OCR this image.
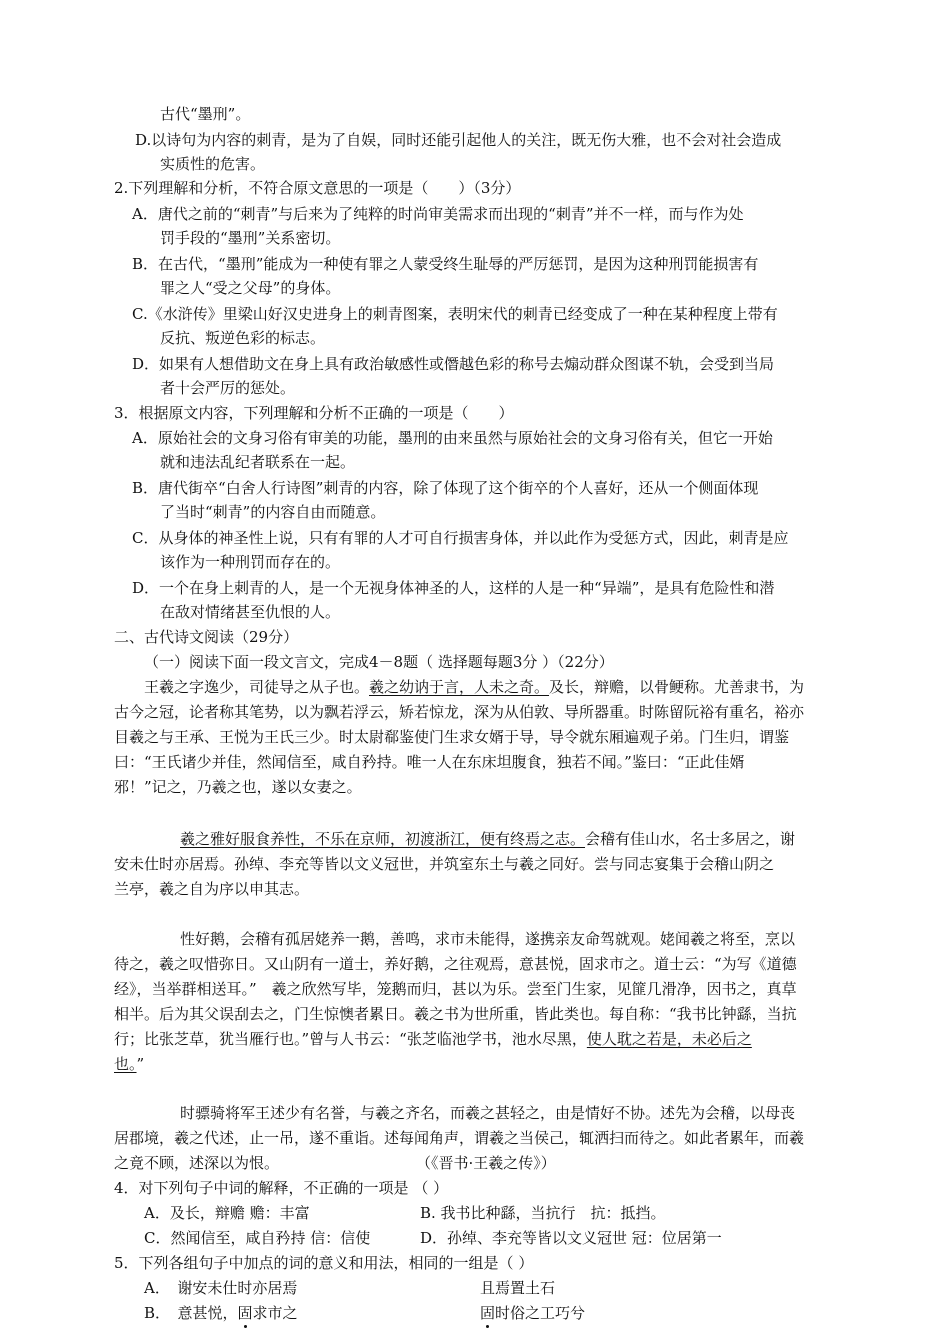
古代“墨刑”。
D.以诗句为内容的刺青，是为了自娱，同时还能引起他人的关注，既无伤大雅，也不会对社会造成
实质性的危害。
2.下列理解和分析，不符合原文意思的一项是（　　）（3分）
A．唐代之前的“刺青”与后来为了纯粹的时尚审美需求而出现的“刺青”并不一样，而与作为处
罚手段的“墨刑”关系密切。
B．在古代，“墨刑”能成为一种使有罪之人蒙受终生耻辱的严厉惩罚，是因为这种刑罚能损害有
罪之人“受之父母”的身体。
C.《水浒传》里梁山好汉史进身上的刺青图案，表明宋代的刺青已经变成了一种在某种程度上带有
反抗、叛逆色彩的标志。
D．如果有人想借助文在身上具有政治敏感性或僭越色彩的称号去煽动群众图谋不轨，会受到当局
者十会严厉的惩处。
3．根据原文内容，下列理解和分析不正确的一项是（　　）
A．原始社会的文身习俗有审美的功能，墨刑的由来虽然与原始社会的文身习俗有关，但它一开始
就和违法乱纪者联系在一起。
B．唐代街卒“白舍人行诗图”刺青的内容，除了体现了这个街卒的个人喜好，还从一个侧面体现
了当时“刺青”的内容自由而随意。
C．从身体的神圣性上说，只有有罪的人才可自行损害身体，并以此作为受惩方式，因此，刺青是应
该作为一种刑罚而存在的。
D．一个在身上刺青的人，是一个无视身体神圣的人，这样的人是一种“异端”，是具有危险性和潜
在敌对情绪甚至仇恨的人。
二、古代诗文阅读（29分）
（一）阅读下面一段文言文，完成4－8题（ 选择题每题3分 ）（22分）
王羲之字逸少，司徒导之从子也。羲之幼讷于言，人未之奇。及长，辩赡，以骨鲠称。尤善隶书，为
古今之冠，论者称其笔势，以为飘若浮云，矫若惊龙，深为从伯敦、导所器重。时陈留阮裕有重名，裕亦
目羲之与王承、王悦为王氏三少。时太尉郗鉴使门生求女婿于导，导令就东厢遍观子弟。门生归，谓鉴
曰：“王氏诸少并佳，然闻信至，咸自矜持。唯一人在东床坦腹食，独若不闻。”鉴曰：“正此佳婿
邪！”记之，乃羲之也，遂以女妻之。
羲之雅好服食养性，不乐在京师，初渡浙江，便有终焉之志。会稽有佳山水，名士多居之，谢
安未仕时亦居焉。孙绰、李充等皆以文义冠世，并筑室东土与羲之同好。尝与同志宴集于会稽山阴之
兰亭，羲之自为序以申其志。
性好鹅，会稽有孤居姥养一鹅，善鸣，求市未能得，遂携亲友命驾就观。姥闻羲之将至，烹以
待之，羲之叹惜弥日。又山阴有一道士，养好鹅，之往观焉，意甚悦，固求市之。道士云：“为写《道德
经》，当举群相送耳。”　羲之欣然写毕，笼鹅而归，甚以为乐。尝至门生家，见篚几滑净，因书之，真草
相半。后为其父误刮去之，门生惊懊者累日。羲之书为世所重，皆此类也。每自称：“我书比钟繇，当抗
行；比张芝草，犹当雁行也。”曾与人书云：“张芝临池学书，池水尽黑，使人耽之若是，未必后之
也。”
时骠骑将军王述少有名誉，与羲之齐名，而羲之甚轻之，由是情好不协。述先为会稽，以母丧
居郡境，羲之代述，止一吊，遂不重诣。述每闻角声，谓羲之当侯己，辄洒扫而待之。如此者累年，而羲
之竟不顾，述深以为恨。	（《晋书·王羲之传》）
4．对下列句子中词的解释，不正确的一项是 （ ）
A．及长，辩赡 赡：丰富	B. 我书比种繇，当抗行　抗：抵挡。
C．然闻信至，咸自矜持 信：信使	D．孙绰、李充等皆以文义冠世 冠：位居第一
5．下列各组句子中加点的词的意义和用法，相同的一组是（ ）
A．　谢安未仕时亦居焉	且焉置土石
B．　意甚悦，固求市之	固时俗之工巧兮
